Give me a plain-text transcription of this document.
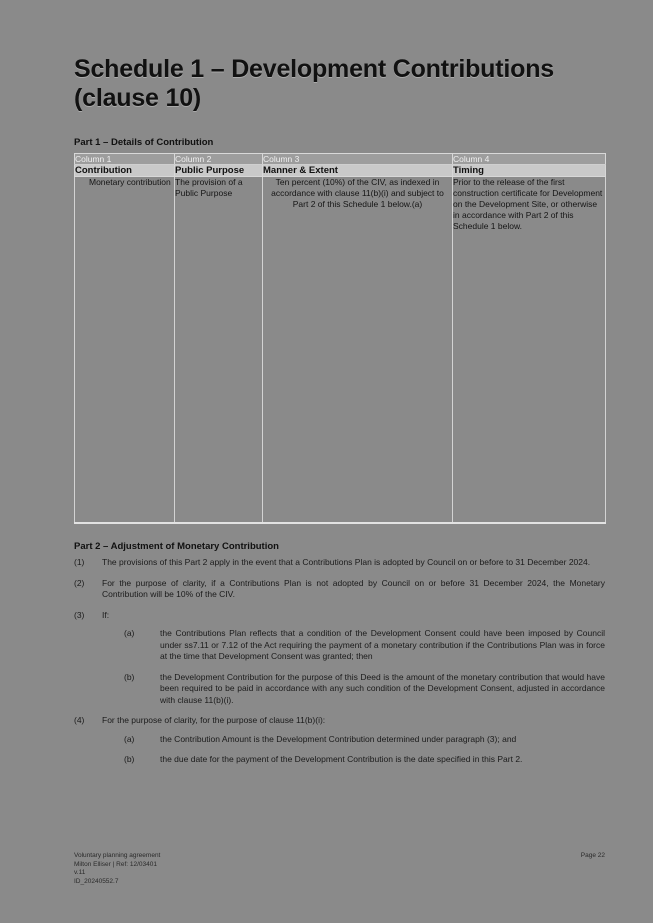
Schedule 1 – Development Contributions (clause 10)
Part 1 – Details of Contribution
Column 1	Column 2	Column 3	Column 4
Contribution	Public Purpose	Manner & Extent	Timing
Monetary contribution	The provision of a Public Purpose	Ten percent (10%) of the CIV, as indexed in accordance with clause 11(b)(i) and subject to Part 2 of this Schedule 1 below.(a)	Prior to the release of the first construction certificate for Development on the Development Site, or otherwise in accordance with Part 2 of this Schedule 1 below.
Part 2 – Adjustment of Monetary Contribution
(1)	The provisions of this Part 2 apply in the event that a Contributions Plan is adopted by Council on or before to 31 December 2024.
(2)	For the purpose of clarity, if a Contributions Plan is not adopted by Council on or before 31 December 2024, the Monetary Contribution will be 10% of the CIV.
(3)	If:
(a)	the Contributions Plan reflects that a condition of the Development Consent could have been imposed by Council under ss7.11 or 7.12 of the Act requiring the payment of a monetary contribution if the Contributions Plan was in force at the time that Development Consent was granted; then
(b)	the Development Contribution for the purpose of this Deed is the amount of the monetary contribution that would have been required to be paid in accordance with any such condition of the Development Consent, adjusted in accordance with clause 11(b)(i).
(4)	For the purpose of clarity, for the purpose of clause 11(b)(i):
(a)	the Contribution Amount is the Development Contribution determined under paragraph (3); and
(b)	the due date for the payment of the Development Contribution is the date specified in this Part 2.
Voluntary planning agreement
Milton Elliser | Ref: 12/03401
v.11
ID_20240552.7
Page 22
